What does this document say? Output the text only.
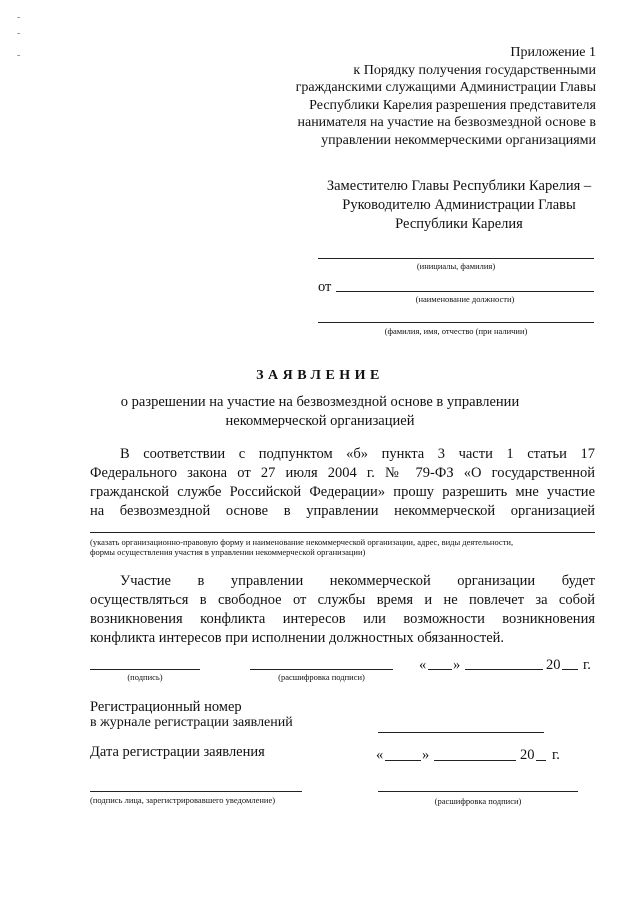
-
-
-	Приложение 1
к Порядку получения государственными
гражданскими служащими Администрации Главы
Республики Карелия разрешения представителя
нанимателя на участие на безвозмездной основе в
управлении некоммерческими организациями
Заместителю Главы Республики Карелия –
Руководителю Администрации Главы
Республики Карелия
(инициалы, фамилия)
от
(наименование должности)
(фамилия, имя, отчество (при наличии)
ЗАЯВЛЕНИЕ
о разрешении на участие на безвозмездной основе в управлении
некоммерческой организацией
В соответствии с подпунктом «б» пункта 3 части 1 статьи 17
Федерального закона от 27 июля 2004 г. № 79-ФЗ «О государственной
гражданской службе Российской Федерации» прошу разрешить мне участие
на безвозмездной основе в управлении некоммерческой организацией
(указать организационно-правовую форму и наименование некоммерческой организации, адрес, виды деятельности,
формы осуществления участия в управлении некоммерческой организации)
Участие в управлении некоммерческой организации будет
осуществляться в свободное от службы время и не повлечет за собой
возникновения конфликта интересов или возможности возникновения
конфликта интересов при исполнении должностных обязанностей.
(подпись)	(расшифровка подписи)
« »	20 г.
Регистрационный номер
в журнале регистрации заявлений
Дата регистрации заявления	«	»	20 г.
(подпись лица, зарегистрировавшего уведомление)	(расшифровка подписи)
